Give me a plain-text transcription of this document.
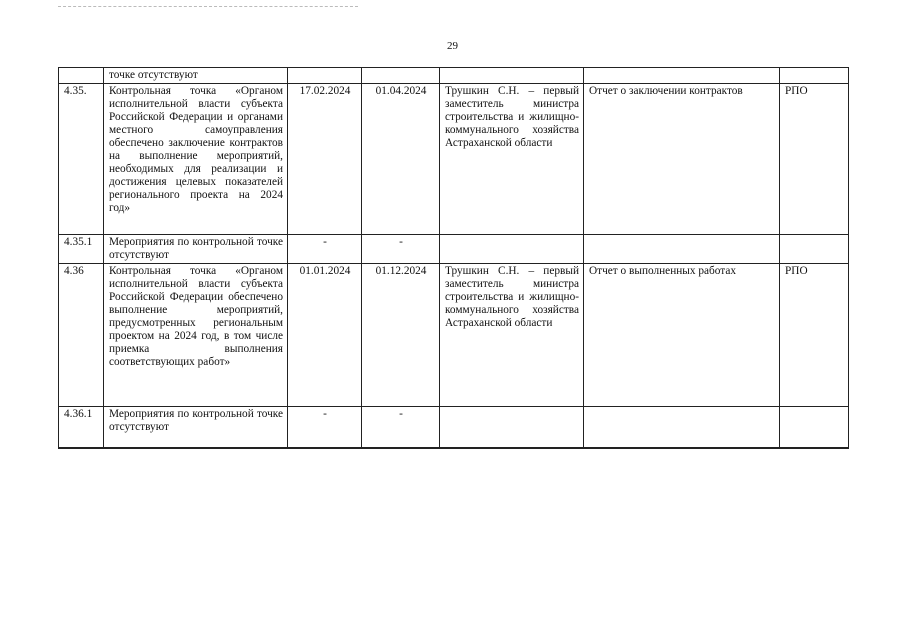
29
	точке отсутствуют					
4.35.	Контрольная точка «Органом исполнительной власти субъекта Российской Федерации и органами местного самоуправления обеспечено заключение контрактов на выполнение мероприятий, необходимых для реализации и достижения целевых показателей регионального проекта на 2024 год»	17.02.2024	01.04.2024	Трушкин С.Н. – первый заместитель министра строительства и жилищно-коммунального хозяйства Астраханской области	Отчет о заключении контрактов	РПО
4.35.1	Мероприятия по контрольной точке отсутствуют	-	-			
4.36	Контрольная точка «Органом исполнительной власти субъекта Российской Федерации обеспечено выполнение мероприятий, предусмотренных региональным проектом на 2024 год, в том числе приемка выполнения соответствующих работ»	01.01.2024	01.12.2024	Трушкин С.Н. – первый заместитель министра строительства и жилищно-коммунального хозяйства Астраханской области	Отчет о выполненных работах	РПО
4.36.1	Мероприятия по контрольной точке отсутствуют	-	-			
